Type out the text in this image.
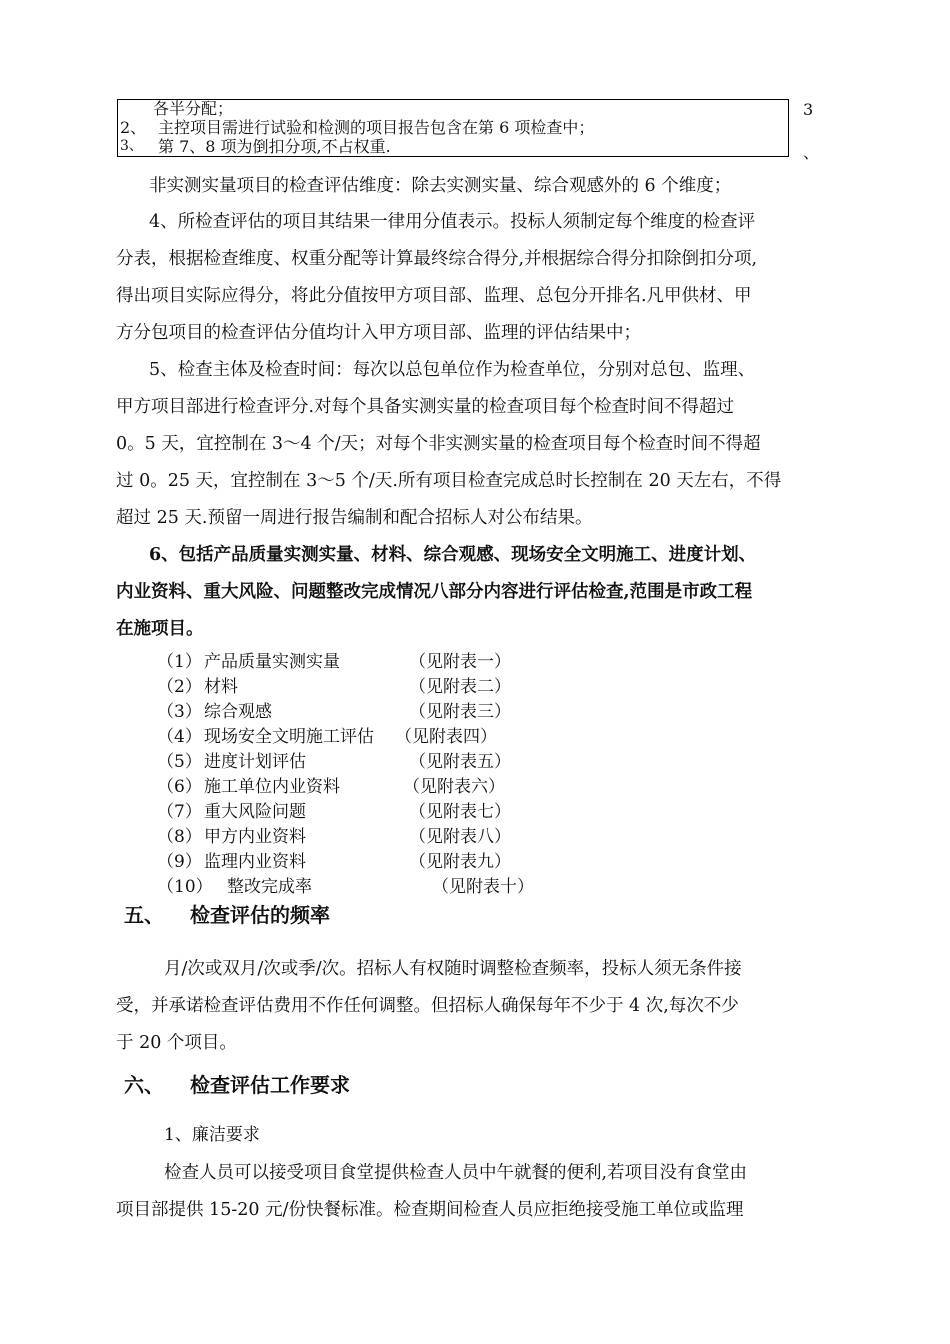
各半分配；
2、 主控项目需进行试验和检测的项目报告包含在第 6 项检查中；
3、 第 7、8 项为倒扣分项,不占权重.
3
、
非实测实量项目的检查评估维度：除去实测实量、综合观感外的 6 个维度；
4、所检查评估的项目其结果一律用分值表示。投标人须制定每个维度的检查评
分表，根据检查维度、权重分配等计算最终综合得分,并根据综合得分扣除倒扣分项,
得出项目实际应得分，将此分值按甲方项目部、监理、总包分开排名.凡甲供材、甲
方分包项目的检查评估分值均计入甲方项目部、监理的评估结果中；
5、检查主体及检查时间：每次以总包单位作为检查单位，分别对总包、监理、
甲方项目部进行检查评分.对每个具备实测实量的检查项目每个检查时间不得超过
0。5 天，宜控制在 3～4 个/天；对每个非实测实量的检查项目每个检查时间不得超
过 0。25 天，宜控制在 3～5 个/天.所有项目检查完成总时长控制在 20 天左右，不得
超过 25 天.预留一周进行报告编制和配合招标人对公布结果。
6、包括产品质量实测实量、材料、综合观感、现场安全文明施工、进度计划、
内业资料、重大风险、问题整改完成情况八部分内容进行评估检查,范围是市政工程
在施项目。
（1） 产品质量实测实量	（见附表一）
（2） 材料	（见附表二）
（3） 综合观感	（见附表三）
（4） 现场安全文明施工评估 （见附表四）
（5） 进度计划评估	（见附表五）
（6） 施工单位内业资料	（见附表六）
（7） 重大风险问题	（见附表七）
（8） 甲方内业资料	（见附表八）
（9） 监理内业资料	（见附表九）
（10） 整改完成率	（见附表十）
五、 检查评估的频率
月/次或双月/次或季/次。招标人有权随时调整检查频率，投标人须无条件接
受，并承诺检查评估费用不作任何调整。但招标人确保每年不少于 4 次,每次不少
于 20 个项目。
六、 检查评估工作要求
1、廉洁要求
检查人员可以接受项目食堂提供检查人员中午就餐的便利,若项目没有食堂由
项目部提供 15-20 元/份快餐标准。检查期间检查人员应拒绝接受施工单位或监理
